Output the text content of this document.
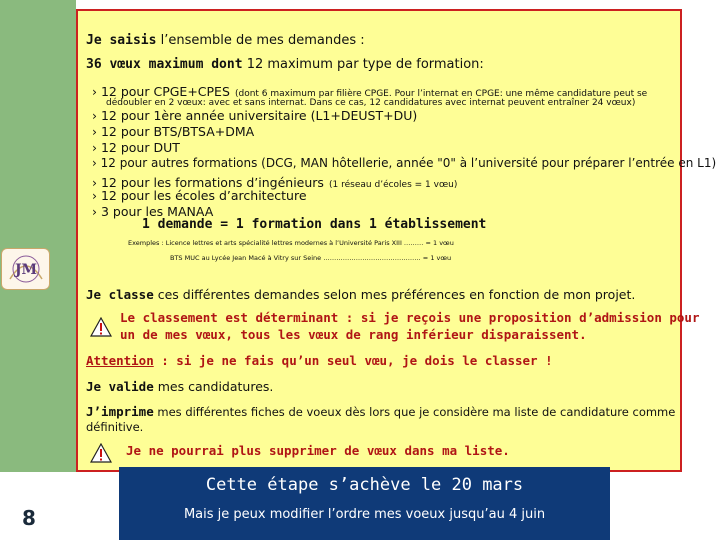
JM
Je saisis l’ensemble de mes demandes :
36 vœux maximum dont 12 maximum par type de formation:
› 12 pour CPGE+CPES (dont 6 maximum par filière CPGE. Pour l’internat en CPGE: une même candidature peut se
dédoubler en 2 vœux: avec et sans internat. Dans ce cas, 12 candidatures avec internat peuvent entraîner 24 vœux)
› 12 pour 1ère année universitaire (L1+DEUST+DU)
› 12 pour BTS/BTSA+DMA
› 12 pour DUT
› 12 pour autres formations (DCG, MAN hôtellerie, année "0" à l’université pour préparer l’entrée en L1)
› 12 pour les formations d’ingénieurs (1 réseau d’écoles = 1 vœu)
› 12 pour les écoles d’architecture
› 3 pour les MANAA
1 demande = 1 formation dans 1 établissement
Exemples : Licence lettres et arts spécialité lettres modernes à l’Université Paris XIII ……… = 1 vœu
BTS MUC au Lycée Jean Macé à Vitry sur Seine ……………………………………… = 1 vœu
Je classe ces différentes demandes selon mes préférences en fonction de mon projet.
Le classement est déterminant : si je reçois une proposition d’admission pour
un de mes vœux, tous les vœux de rang inférieur disparaissent.
Attention : si je ne fais qu’un seul vœu, je dois le classer !
Je valide mes candidatures.
J’imprime mes différentes fiches de voeux dès lors que je considère ma liste de candidature comme
définitive.
Je ne pourrai plus supprimer de vœux dans ma liste.
Cette étape s’achève le 20 mars
Mais je peux modifier l’ordre mes voeux jusqu’au 4 juin
8
